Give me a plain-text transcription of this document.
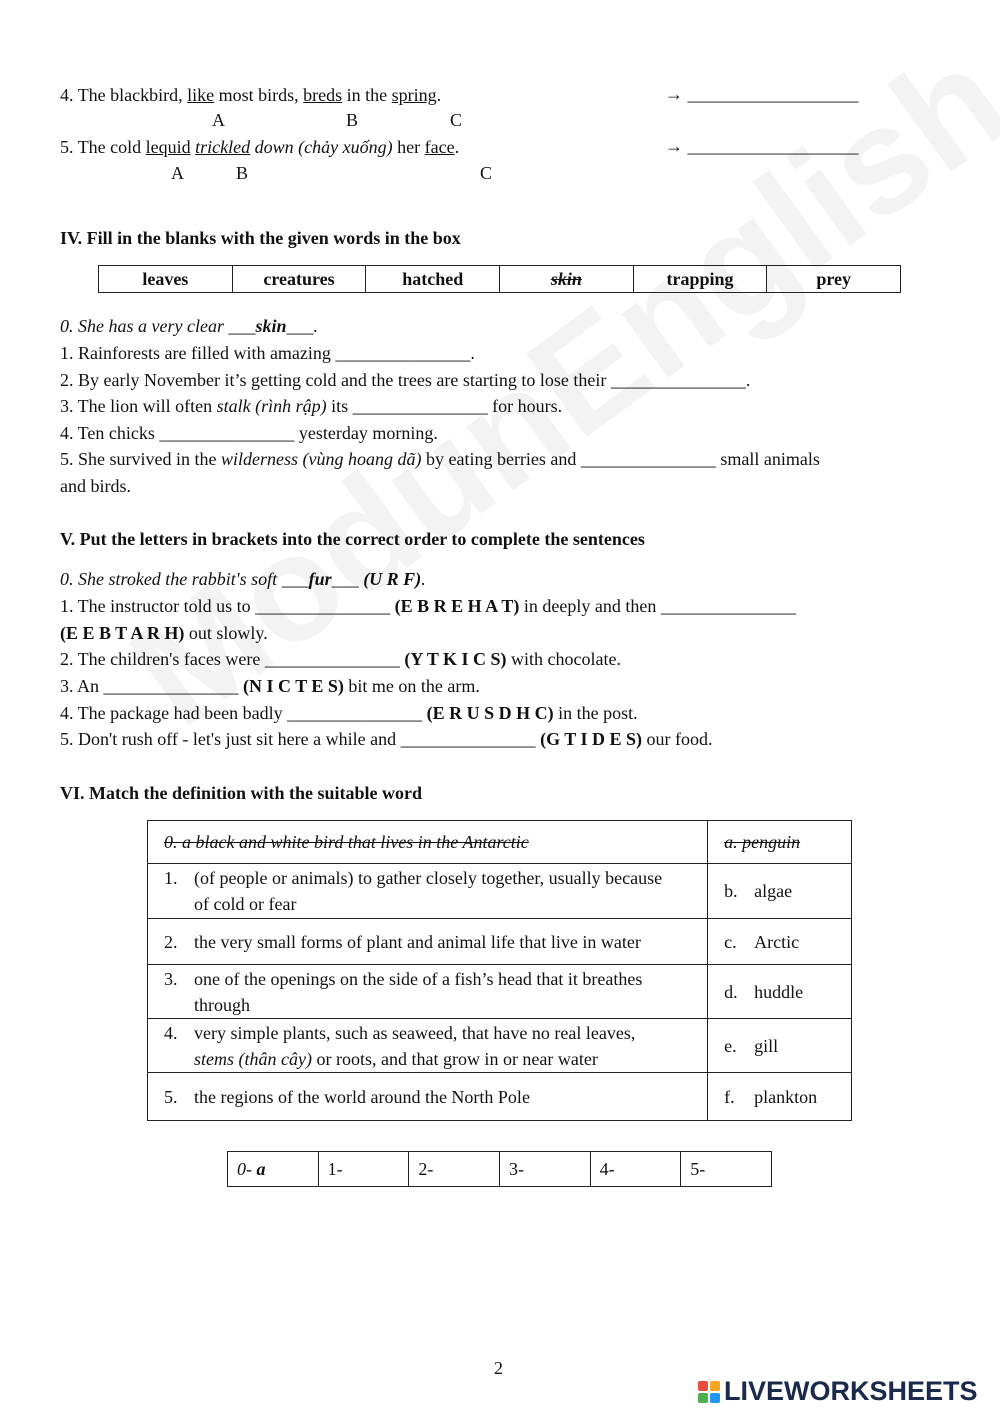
4. The blackbird, like most birds, breds in the spring.	→ ___________________
A	B	C
5. The cold lequid trickled down (chảy xuống) her face.	→ ___________________
A	B	C
IV. Fill in the blanks with the given words in the box
leaves	creatures	hatched	skin	trapping	prey
0. She has a very clear ___skin___.
1. Rainforests are filled with amazing _______________.
2. By early November it’s getting cold and the trees are starting to lose their _______________.
3. The lion will often stalk (rình rập) its _______________ for hours.
4. Ten chicks _______________ yesterday morning.
5. She survived in the wilderness (vùng hoang dã) by eating berries and _______________ small animals
and birds.
V. Put the letters in brackets into the correct order to complete the sentences
0. She stroked the rabbit's soft ___fur___ (U R F).
1. The instructor told us to _______________ (E B R E H A T) in deeply and then _______________
(E E B T A R H) out slowly.
2. The children's faces were _______________ (Y T K I C S) with chocolate.
3. An _______________ (N I C T E S) bit me on the arm.
4. The package had been badly _______________ (E R U S D H C) in the post.
5. Don't rush off - let's just sit here a while and _______________ (G T I D E S) our food.
VI. Match the definition with the suitable word
0. a black and white bird that lives in the Antarctic	a. penguin
1. (of people or animals) to gather closely together, usually because of cold or fear	b. algae
2. the very small forms of plant and animal life that live in water	c. Arctic
3. one of the openings on the side of a fish’s head that it breathes through	d. huddle
4. very simple plants, such as seaweed, that have no real leaves, stems (thân cây) or roots, and that grow in or near water	e. gill
5. the regions of the world around the North Pole	f. plankton
0- a	1-	2-	3-	4-	5-
2
LIVEWORKSHEETS
